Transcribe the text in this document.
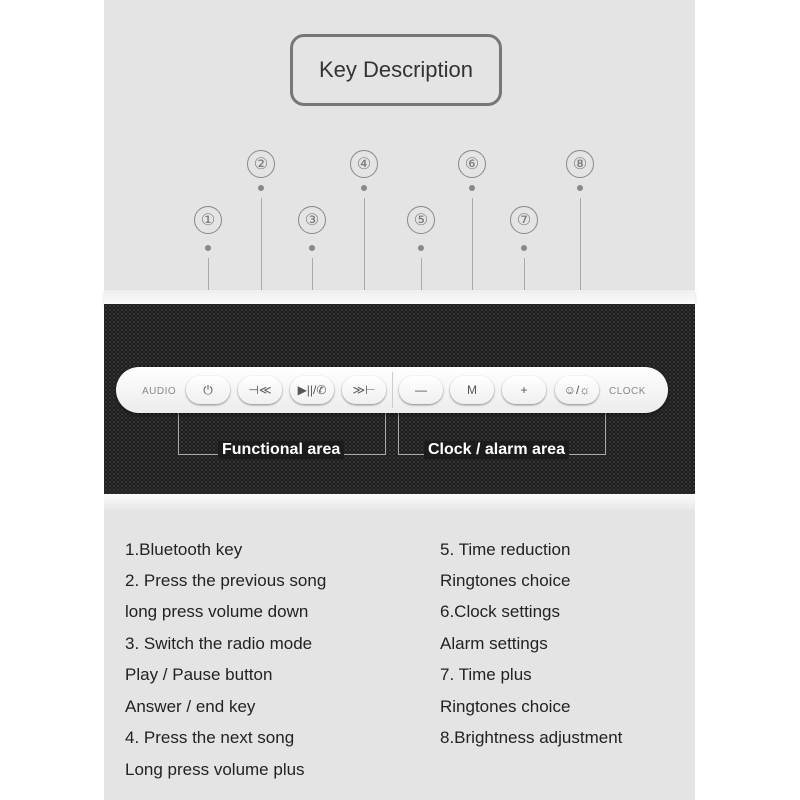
Key Description
①
②
③
④
⑤
⑥
⑦
⑧
AUDIO	CLOCK
⏻	⊣≪ ▶||/✆ ≫⊢	—	M	+	☺/☼
Functional area	Clock / alarm area
1.Bluetooth key
2. Press the previous song
long press volume down
3. Switch the radio mode
Play / Pause button
Answer / end key
4. Press the next song
Long press volume plus
5. Time reduction
Ringtones choice
6.Clock settings
Alarm settings
7. Time plus
Ringtones choice
8.Brightness adjustment
